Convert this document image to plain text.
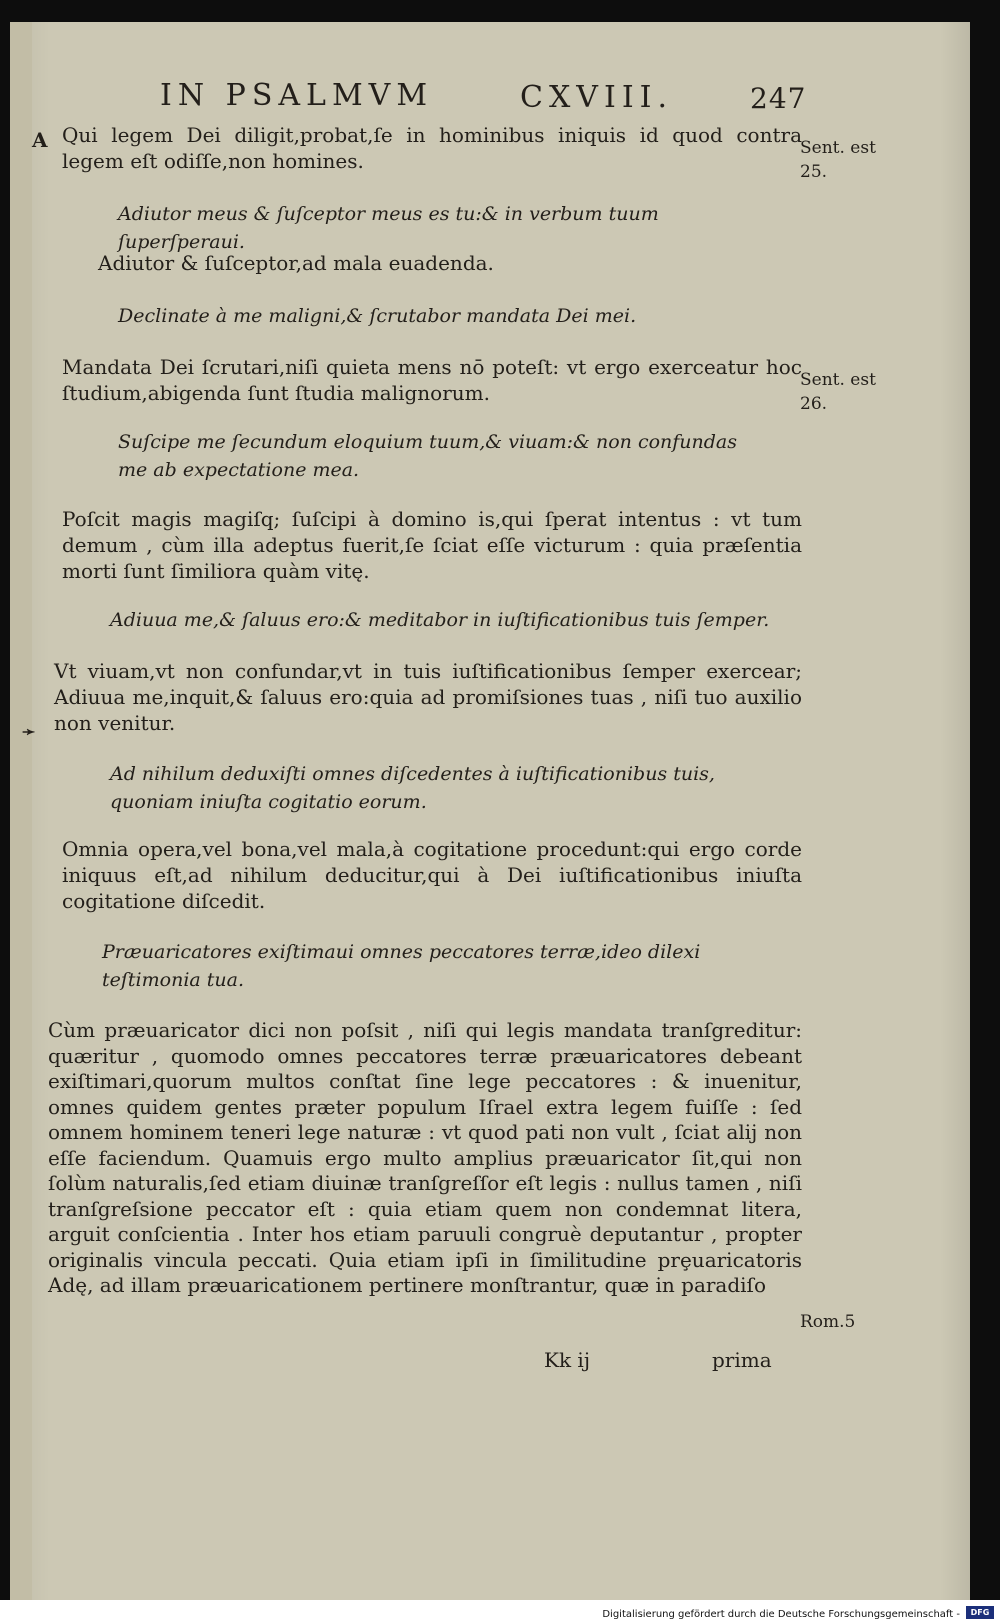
IN PSALMVM	CXVIII.	247
A
➛
Sent. est 25.
Sent. est 26.
Rom.5
Qui legem Dei diligit,probat,ſe in hominibus iniquis id quod contra legem eſt odiſſe,non homines.
Adiutor meus & ſuſceptor meus es tu:& in verbum tuum ſuperſperaui.
Adiutor & ſuſceptor,ad mala euadenda.
Declinate à me maligni,& ſcrutabor mandata Dei mei.
Mandata Dei ſcrutari,niſi quieta mens nō poteſt: vt ergo exerceatur hoc ſtudium,abigenda ſunt ſtudia malignorum.
Suſcipe me ſecundum eloquium tuum,& viuam:& non confundas me ab expectatione mea.
Poſcit magis magiſq; ſuſcipi à domino is,qui ſperat intentus : vt tum demum , cùm illa adeptus fuerit,ſe ſciat eſſe victurum : quia præſentia morti ſunt ſimiliora quàm vitę.
Adiuua me,& ſaluus ero:& meditabor in iuſtificationibus tuis ſemper.
Vt viuam,vt non confundar,vt in tuis iuſtificationibus ſemper exercear; Adiuua me,inquit,& ſaluus ero:quia ad promiſsiones tuas , niſi tuo auxilio non venitur.
Ad nihilum deduxiſti omnes diſcedentes à iuſtificationibus tuis, quoniam iniuſta cogitatio eorum.
Omnia opera,vel bona,vel mala,à cogitatione procedunt:qui ergo corde iniquus eſt,ad nihilum deducitur,qui à Dei iuſtificationibus iniuſta cogitatione diſcedit.
Præuaricatores exiſtimaui omnes peccatores terræ,ideo dilexi teſtimonia tua.
Cùm præuaricator dici non poſsit , niſi qui legis mandata tranſgreditur: quæritur , quomodo omnes peccatores terræ præuaricatores debeant exiſtimari,quorum multos conſtat ſine lege peccatores : & inuenitur, omnes quidem gentes præter populum Iſrael extra legem fuiſſe : ſed omnem hominem teneri lege naturæ : vt quod pati non vult , ſciat alij non eſſe faciendum. Quamuis ergo multo amplius præuaricator ſit,qui non ſolùm naturalis,ſed etiam diuinæ tranſgreſſor eſt legis : nullus tamen , niſi tranſgreſsione peccator eſt : quia etiam quem non condemnat litera, arguit conſcientia . Inter hos etiam paruuli congruè deputantur , propter originalis vincula peccati. Quia etiam ipſi in ſimilitudine prȩuaricatoris Adę, ad illam præuaricationem pertinere monſtrantur, quæ in paradiſo
Kk ij	prima
Digitalisierung gefördert durch die Deutsche Forschungsgemeinschaft -	DFG
